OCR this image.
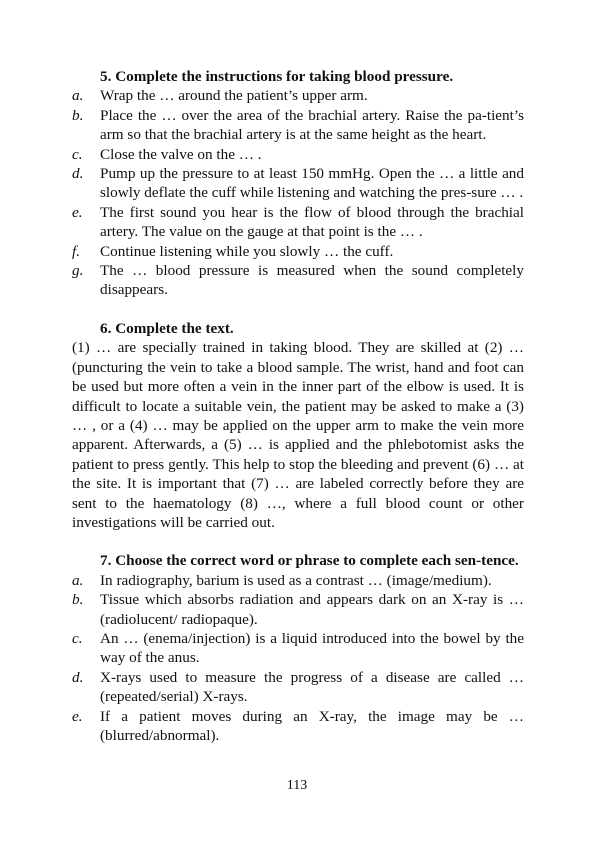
5. Complete the instructions for taking blood pressure.

a. Wrap the … around the patient’s upper arm.
b. Place the … over the area of the brachial artery. Raise the pa-tient’s arm so that the brachial artery is at the same height as the heart.
c. Close the valve on the … .
d. Pump up the pressure to at least 150 mmHg. Open the … a little and slowly deflate the cuff while listening and watching the pres-sure … .
e. The first sound you hear is the flow of blood through the brachial artery. The value on the gauge at that point is the … .
f. Continue listening while you slowly … the cuff.
g. The … blood pressure is measured when the sound completely disappears.

6. Complete the text.

(1) … are specially trained in taking blood. They are skilled at (2) … (puncturing the vein to take a blood sample. The wrist, hand and foot can be used but more often a vein in the inner part of the elbow is used. It is difficult to locate a suitable vein, the patient may be asked to make a (3) … , or a (4) … may be applied on the upper arm to make the vein more apparent. Afterwards, a (5) … is applied and the phlebotomist asks the patient to press gently. This help to stop the bleeding and prevent (6) … at the site. It is important that (7) … are labeled correctly before they are sent to the haematology (8) …, where a full blood count or other investigations will be carried out.

7. Choose the correct word or phrase to complete each sen-tence.

a. In radiography, barium is used as a contrast … (image/medium).
b. Tissue which absorbs radiation and appears dark on an X-ray is … (radiolucent/ radiopaque).
c. An … (enema/injection) is a liquid introduced into the bowel by the way of the anus.
d. X-rays used to measure the progress of a disease are called … (repeated/serial) X-rays.
e. If a patient moves during an X-ray, the image may be … (blurred/abnormal).
113
